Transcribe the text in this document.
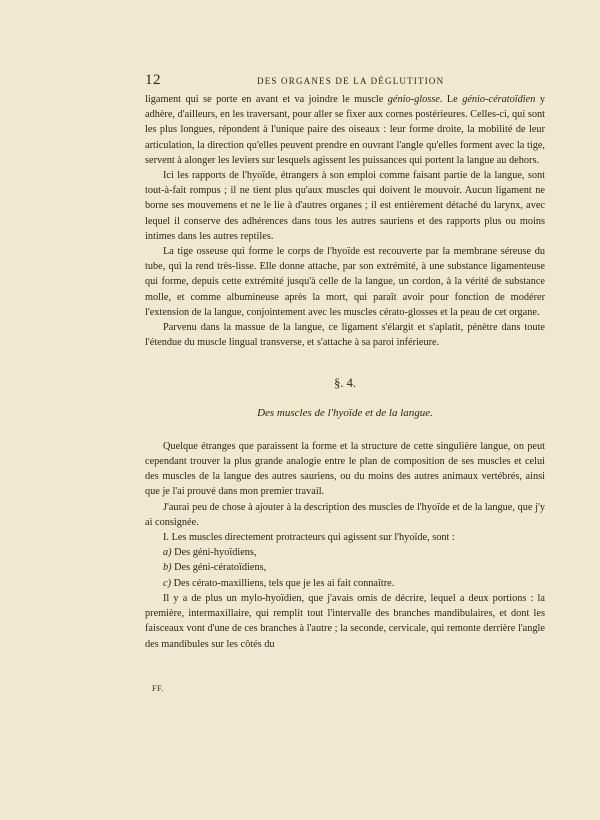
12	DES ORGANES DE LA DÉGLUTITION

ligament qui se porte en avant et va joindre le muscle génio-glosse. Le génio-cératoïdien y adhère, d'ailleurs, en les traversant, pour aller se fixer aux cornes postérieures. Celles-ci, qui sont les plus longues, répondent à l'unique paire des oiseaux : leur forme droite, la mobilité de leur articulation, la direction qu'elles peuvent prendre en ouvrant l'angle qu'elles forment avec la tige, servent à alonger les leviers sur lesquels agissent les puissances qui portent la langue au dehors.

Ici les rapports de l'hyoïde, étrangers à son emploi comme faisant partie de la langue, sont tout-à-fait rompus ; il ne tient plus qu'aux muscles qui doivent le mouvoir. Aucun ligament ne borne ses mouvemens et ne le lie à d'autres organes ; il est entièrement détaché du larynx, avec lequel il conserve des adhérences dans tous les autres sauriens et des rapports plus ou moins intimes dans les autres reptiles.

La tige osseuse qui forme le corps de l'hyoïde est recouverte par la membrane séreuse du tube, qui la rend très-lisse. Elle donne attache, par son extrémité, à une substance ligamenteuse qui forme, depuis cette extrémité jusqu'à celle de la langue, un cordon, à la vérité de substance molle, et comme albumineuse après la mort, qui paraît avoir pour fonction de modérer l'extension de la langue, conjointement avec les muscles cérato-glosses et la peau de cet organe.

Parvenu dans la massue de la langue, ce ligament s'élargit et s'aplatit, pénètre dans toute l'étendue du muscle lingual transverse, et s'attache à sa paroi inférieure.

§. 4.

Des muscles de l'hyoïde et de la langue.

Quelque étranges que paraissent la forme et la structure de cette singulière langue, on peut cependant trouver la plus grande analogie entre le plan de composition de ses muscles et celui des muscles de la langue des autres sauriens, ou du moins des autres animaux vertébrés, ainsi que je l'ai prouvé dans mon premier travail.

J'aurai peu de chose à ajouter à la description des muscles de l'hyoïde et de la langue, que j'y ai consignée.

I. Les muscles directement protracteurs qui agissent sur l'hyoïde, sont :

a) Des géni-hyoïdiens,

b) Des géni-cératoïdiens,

c) Des cérato-maxilliens, tels que je les ai fait connaître.

Il y a de plus un mylo-hyoïdien, que j'avais omis de décrire, lequel a deux portions : la première, intermaxillaire, qui remplit tout l'intervalle des branches mandibulaires, et dont les faisceaux vont d'une de ces branches à l'autre ; la seconde, cervicale, qui remonte derrière l'angle des mandibules sur les côtés du

FF.
